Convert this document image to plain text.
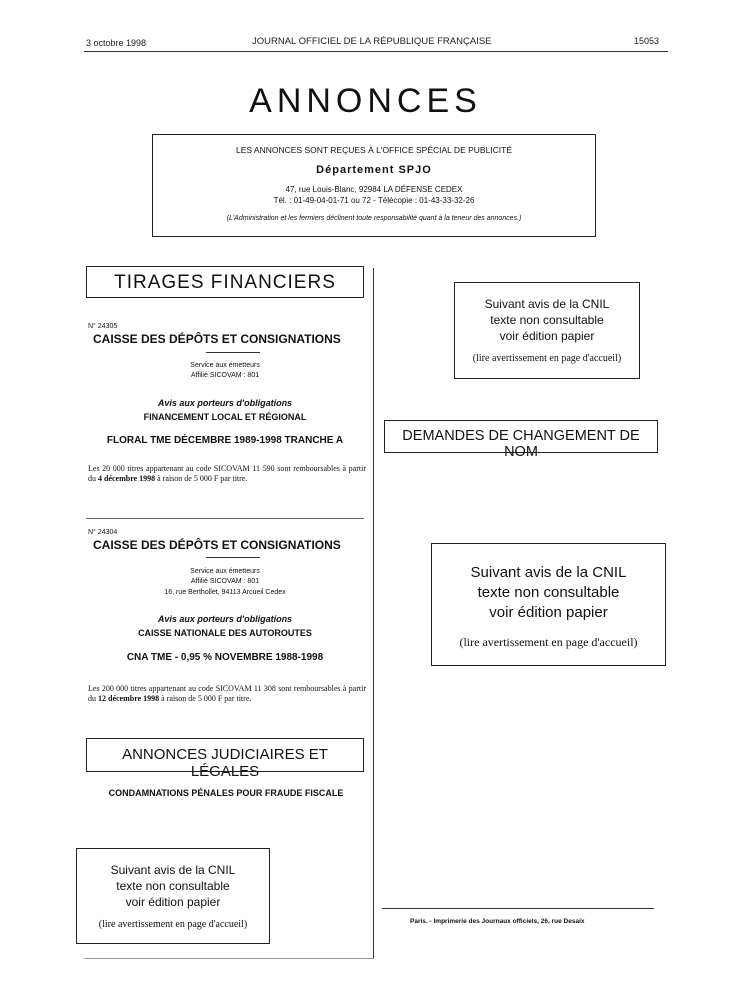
3 octobre 1998	JOURNAL OFFICIEL DE LA RÉPUBLIQUE FRANÇAISE	15053
ANNONCES
LES ANNONCES SONT REÇUES À L'OFFICE SPÉCIAL DE PUBLICITÉ
Département SPJO
47, rue Louis-Blanc, 92984 LA DÉFENSE CEDEX
Tél. : 01-49-04-01-71 ou 72 - Télécopie : 01-43-33-32-26
(L'Administration et les fermiers déclinent toute responsabilité quant à la teneur des annonces.)
TIRAGES FINANCIERS
N° 24305
CAISSE DES DÉPÔTS ET CONSIGNATIONS
Service aux émetteurs
Affilié SICOVAM : 801
Avis aux porteurs d'obligations
FINANCEMENT LOCAL ET RÉGIONAL
FLORAL TME DÉCEMBRE 1989-1998 TRANCHE A
Les 20 000 titres appartenant au code SICOVAM 11 590 sont remboursables à partir du 4 décembre 1998 à raison de 5 000 F par titre.
N° 24304
CAISSE DES DÉPÔTS ET CONSIGNATIONS
Service aux émetteurs
Affilié SICOVAM : 801
16, rue Berthollet, 94113 Arcueil Cedex
Avis aux porteurs d'obligations
CAISSE NATIONALE DES AUTOROUTES
CNA TME - 0,95 % NOVEMBRE 1988-1998
Les 200 000 titres appartenant au code SICOVAM 11 308 sont remboursables à partir du 12 décembre 1998 à raison de 5 000 F par titre.
ANNONCES JUDICIAIRES ET LÉGALES
CONDAMNATIONS PÉNALES POUR FRAUDE FISCALE
Suivant avis de la CNIL
texte non consultable
voir édition papier
(lire avertissement en page d'accueil)
Suivant avis de la CNIL
texte non consultable
voir édition papier
(lire avertissement en page d'accueil)
DEMANDES DE CHANGEMENT DE NOM
Suivant avis de la CNIL
texte non consultable
voir édition papier
(lire avertissement en page d'accueil)
Paris. - Imprimerie des Journaux officiels, 26, rue Desaix
